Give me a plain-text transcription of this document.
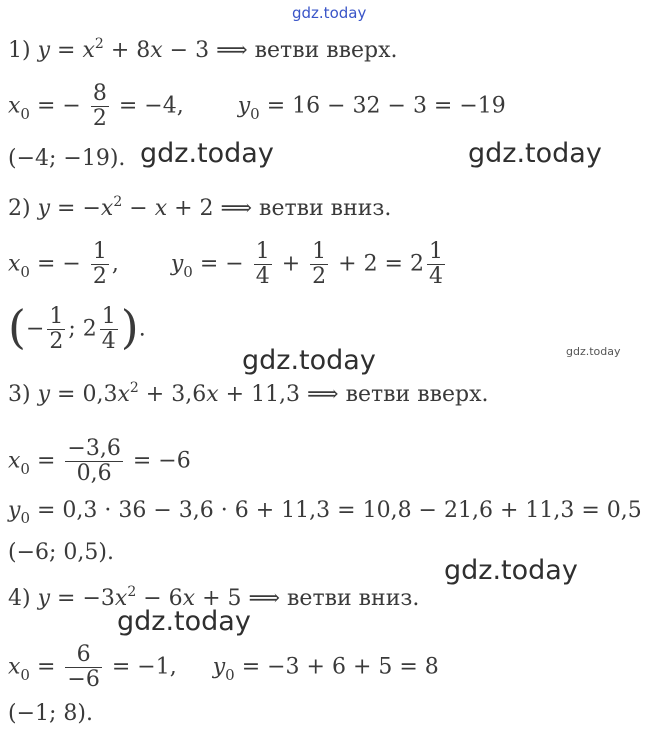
gdz.today
gdz.today	gdz.today
gdz.today	gdz.today
gdz.today
gdz.today
1) $y = x^2 + 8x - 3$ ⟹ ветви вверх.
$x_0$ = − $\frac{8}{2} = -4$, $y_0 = 16 - 32 - 3 = -19$
(−4; −19).
2) $y = -x^2 - x + 2$ ⟹ ветви вниз.
$x_0$ = − $\frac{1}{2}$ , $y_0$ = − $\frac{1}{4} + \frac{1}{2} + 2 = 2 \frac{1}{4}$
(− $\frac{1}{2}$ ; $2 \frac{1}{4}$ ).
3) $y = 0,3x^2 + 3,6x + 11,3$ ⟹ ветви вверх.
$x_0 = \frac{-3,6}{0,6} = -6$
$y_0 = 0,3 \cdot 36 - 3,6 \cdot 6 + 11,3 = 10,8 - 21,6 + 11,3 = 0,5$
(−6; 0,5).
4) $y = -3x^2 - 6x + 5$ ⟹ ветви вниз.
$x_0 = \frac{6}{-6} = -1$, $y_0 = -3 + 6 + 5 = 8$
(−1; 8).
